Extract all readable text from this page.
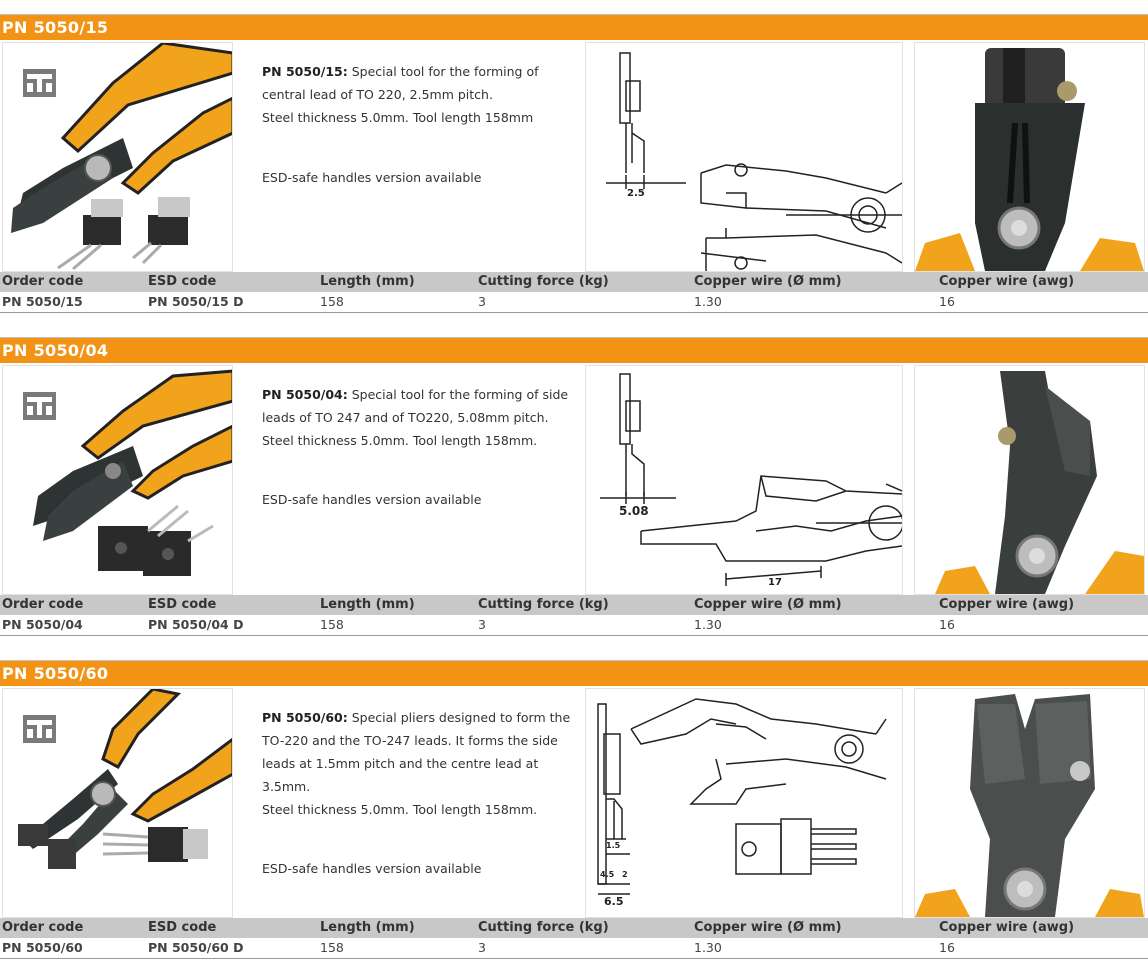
PN 5050/15
PN 5050/15: Special tool for the forming of
central lead of TO 220, 2.5mm pitch.
Steel thickness 5.0mm. Tool length 158mm
ESD-safe handles version available
2.5
Order code	ESD code	Length (mm)	Cutting force (kg)	Copper wire (Ø mm)	Copper wire (awg)
PN 5050/15	PN 5050/15 D	158	3	1.30	16
PN 5050/04
PN 5050/04: Special tool for the forming of side
leads of TO 247 and of TO220, 5.08mm pitch.
Steel thickness 5.0mm. Tool length 158mm.
ESD-safe handles version available
5.08
17
Order code	ESD code	Length (mm)	Cutting force (kg)	Copper wire (Ø mm)	Copper wire (awg)
PN 5050/04	PN 5050/04 D	158	3	1.30	16
PN 5050/60
PN 5050/60: Special pliers designed to form the
TO-220 and the TO-247 leads. It forms the side
leads at 1.5mm pitch and the centre lead at
3.5mm.
Steel thickness 5.0mm. Tool length 158mm.
ESD-safe handles version available
1.5
4.5 2
6.5
Order code	ESD code	Length (mm)	Cutting force (kg)	Copper wire (Ø mm)	Copper wire (awg)
PN 5050/60	PN 5050/60 D	158	3	1.30	16
